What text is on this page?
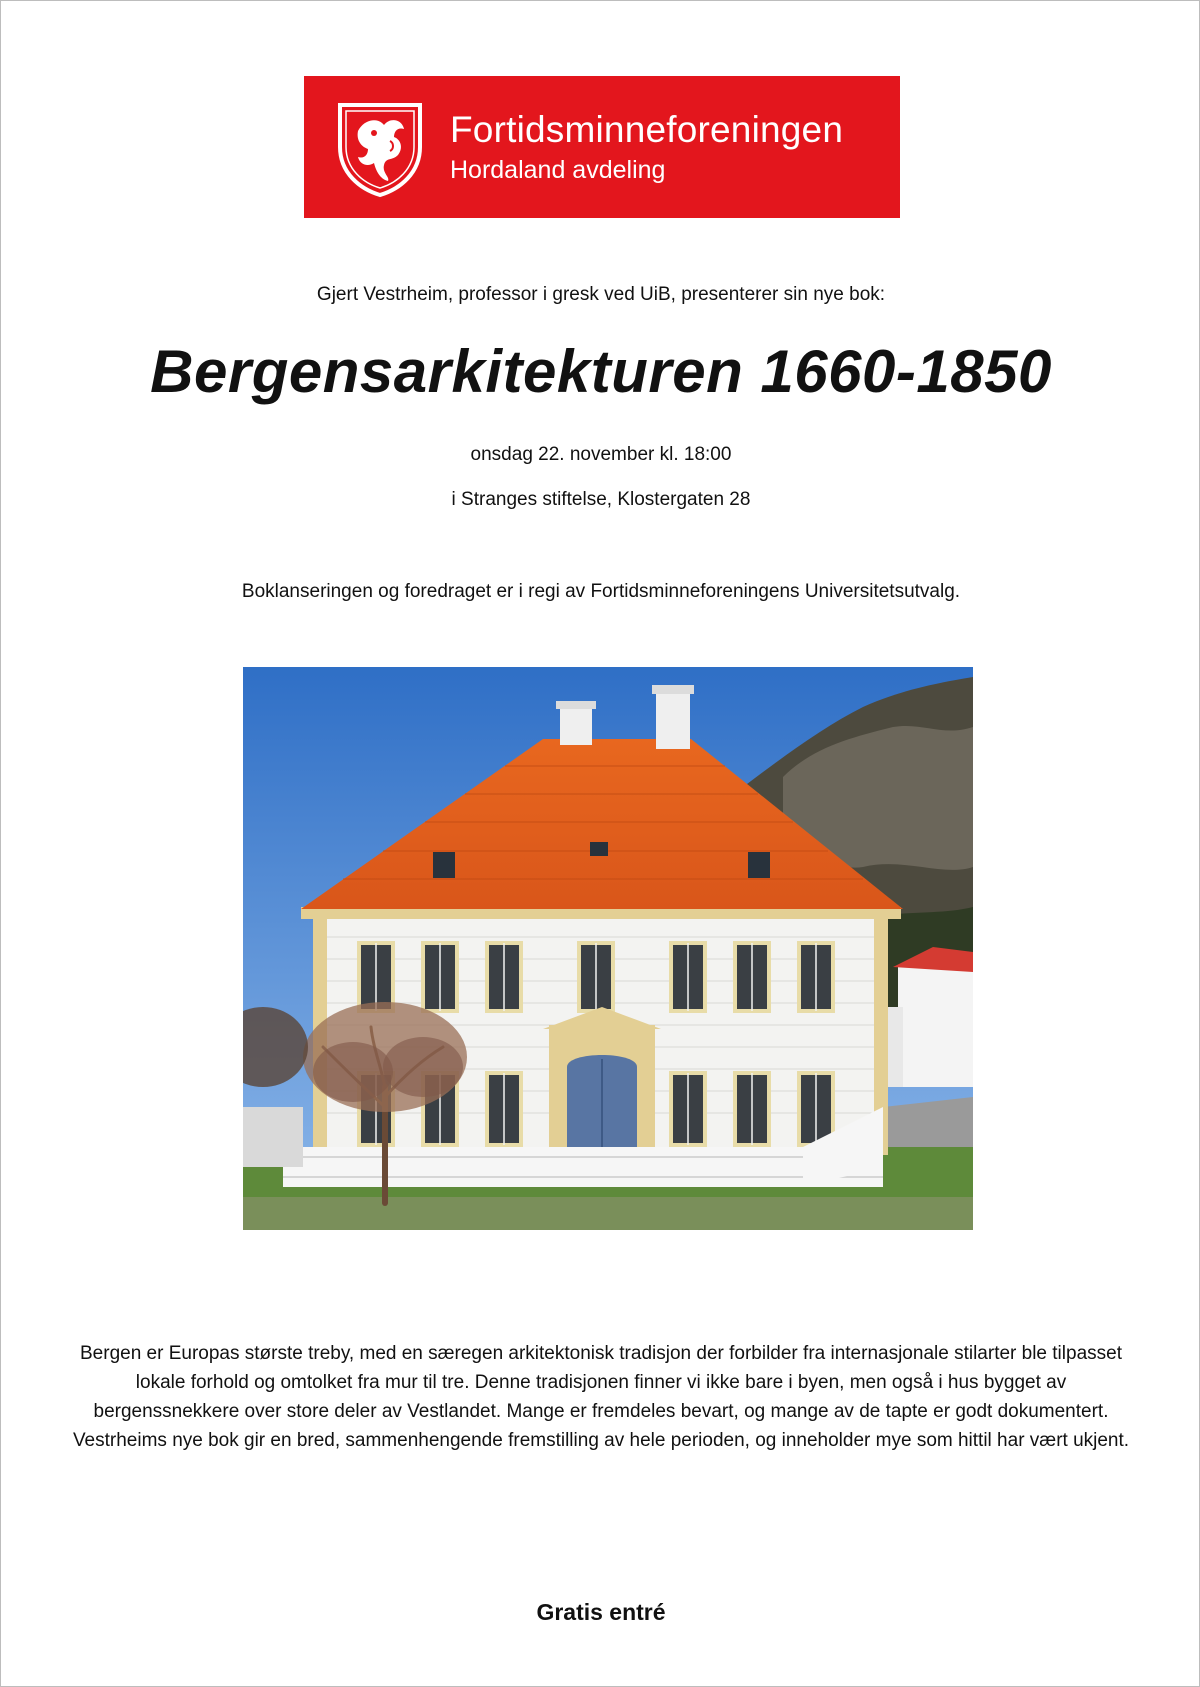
Fortidsminneforeningen
Hordaland avdeling
Gjert Vestrheim, professor i gresk ved UiB, presenterer sin nye bok:
Bergensarkitekturen 1660-1850
onsdag 22. november kl. 18:00
i Stranges stiftelse, Klostergaten 28
Boklanseringen og foredraget er i regi av Fortidsminneforeningens Universitetsutvalg.
Bergen er Europas største treby, med en særegen arkitektonisk tradisjon der forbilder fra internasjonale stilarter ble tilpasset lokale forhold og omtolket fra mur til tre. Denne tradisjonen finner vi ikke bare i byen, men også i hus bygget av bergenssnekkere over store deler av Vestlandet. Mange er fremdeles bevart, og mange av de tapte er godt dokumentert. Vestrheims nye bok gir en bred, sammenhengende fremstilling av hele perioden, og inneholder mye som hittil har vært ukjent.
Gratis entré
